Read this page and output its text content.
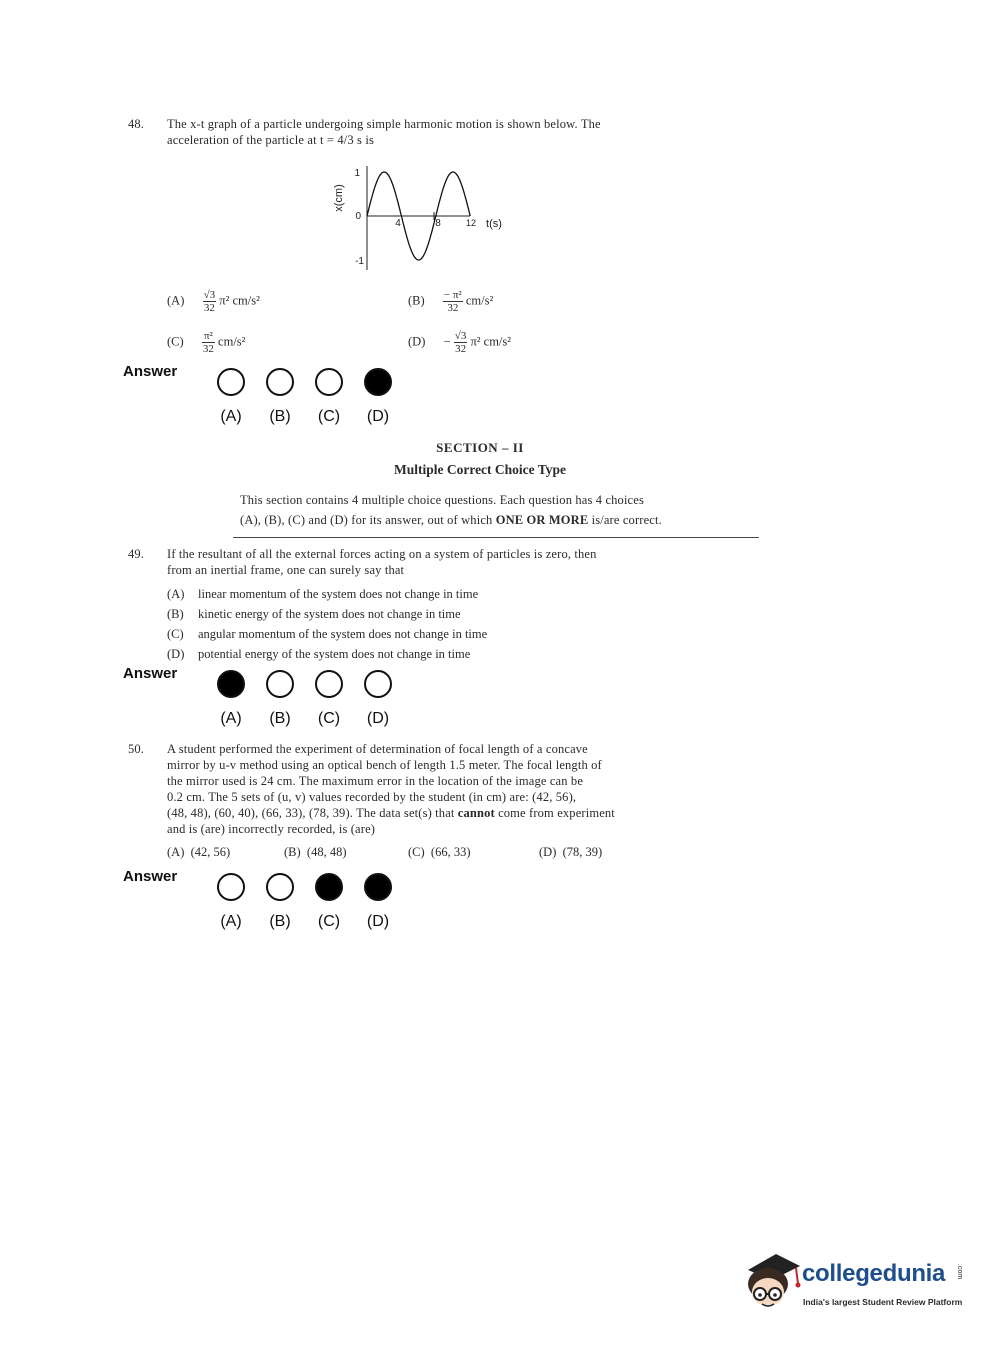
48. The x-t graph of a particle undergoing simple harmonic motion is shown below. The
acceleration of the particle at t = 4/3 s is
x(cm)
1
0
-1
4	8	12 t(s)
$(A) \frac{√3}{32} \pi^2$ cm/s²	$(B) \frac{\text{− π²}}{32} cm/s^2$
$(C) \frac{\text{π²}}{32} cm/s^2$	$(D) - \frac{√3}{32} \pi^2$ cm/s²
Answer
SECTION – II
Multiple Correct Choice Type
This section contains 4 multiple choice questions. Each question has 4 choices
(A), (B), (C) and (D) for its answer, out of which ONE OR MORE is/are correct.
49. If the resultant of all the external forces acting on a system of particles is zero, then
from an inertial frame, one can surely say that
(A) linear momentum of the system does not change in time
(B) kinetic energy of the system does not change in time
(C) angular momentum of the system does not change in time
(D) potential energy of the system does not change in time
Answer
50. A student performed the experiment of determination of focal length of a concave
mirror by u-v method using an optical bench of length 1.5 meter. The focal length of
the mirror used is 24 cm. The maximum error in the location of the image can be
0.2 cm. The 5 sets of (u, v) values recorded by the student (in cm) are: (42, 56),
(48, 48), (60, 40), (66, 33), (78, 39). The data set(s) that cannot come from experiment
and is (are) incorrectly recorded, is (are)
(A) (42, 56)	(B) (48, 48)	(C) (66, 33)	(D) (78, 39)
Answer
collegedunia .com
India's largest Student Review Platform
(A)	(B)	(C)	(D)
(A)	(B)	(C)	(D)
(A)	(B)	(C)	(D)
